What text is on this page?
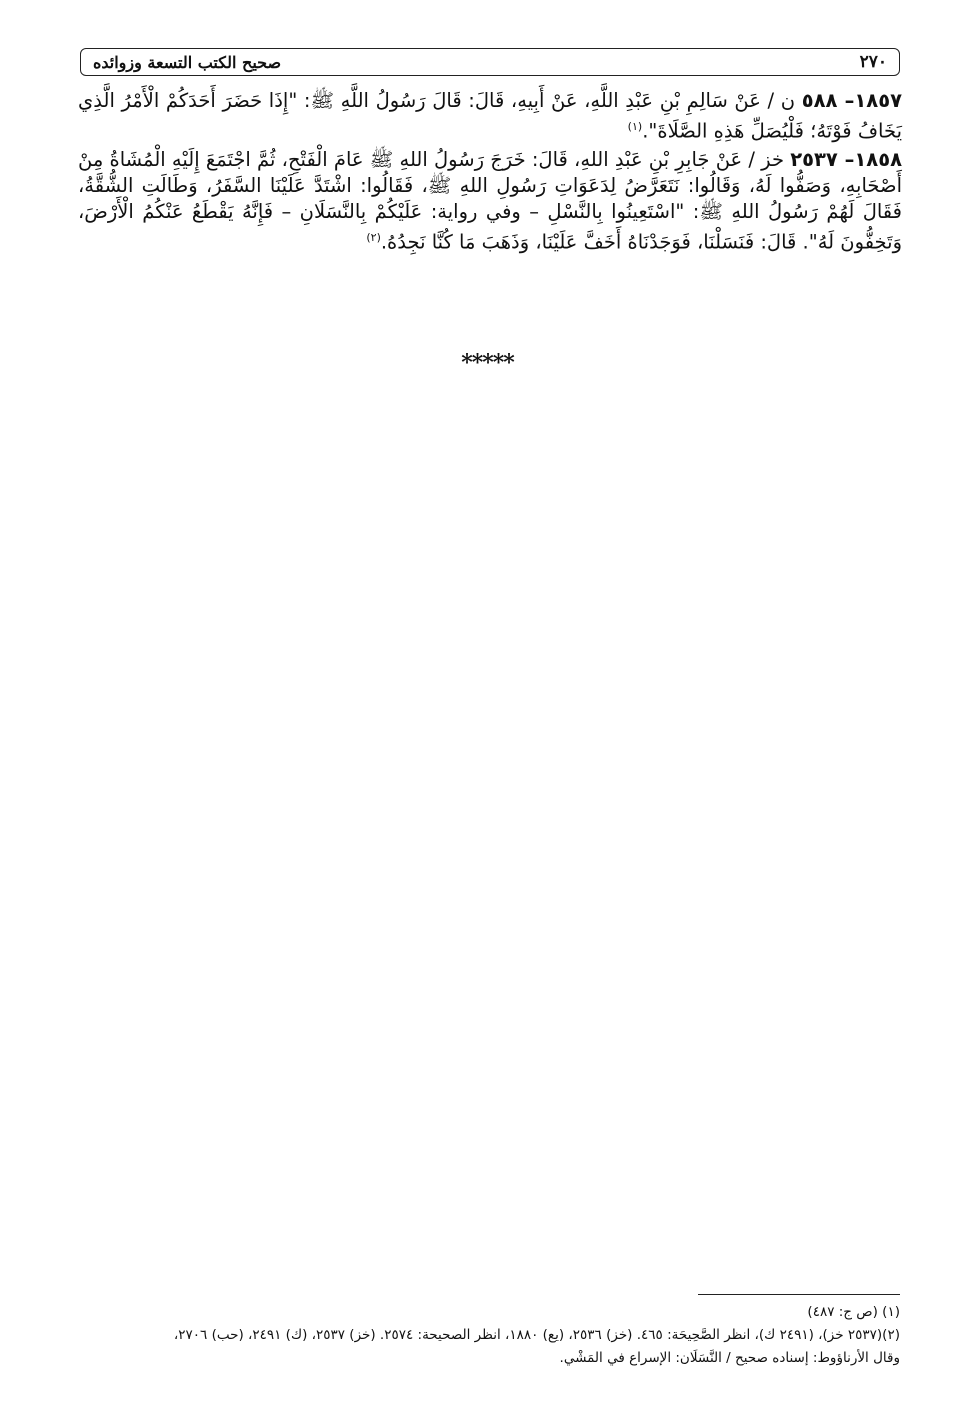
٢٧٠
صحيح الكتب التسعة وزوائده

١٨٥٧– ٥٨٨ ن / عَنْ سَالِمِ بْنِ عَبْدِ اللَّهِ، عَنْ أَبِيهِ، قَالَ: قَالَ رَسُولُ اللَّهِ ﷺ: "إِذَا حَضَرَ أَحَدَكُمْ الْأَمْرُ الَّذِي يَخَافُ فَوْتَهُ؛ فَلْيُصَلِّ هَذِهِ الصَّلَاةَ".$^{(١)}$

١٨٥٨– ٢٥٣٧ خز / عَنْ جَابِرِ بْنِ عَبْدِ اللهِ، قَالَ: خَرَجَ رَسُولُ اللهِ ﷺ عَامَ الْفَتْحِ، ثُمَّ اجْتَمَعَ إِلَيْهِ الْمُشَاةُ مِنْ أَصْحَابِهِ، وَصَفُّوا لَهُ، وَقَالُوا: نَتَعَرَّضُ لِدَعَوَاتِ رَسُولِ اللهِ ﷺ، فَقَالُوا: اشْتَدَّ عَلَيْنَا السَّفَرُ، وَطَالَتِ الشُّقَّةُ، فَقَالَ لَهُمْ رَسُولُ اللهِ ﷺ: "اسْتَعِينُوا بِالنَّسْلِ – وفي رواية: عَلَيْكُمْ بِالنَّسَلَانِ – فَإِنَّهُ يَقْطَعُ عَنْكُمُ الْأَرْضَ، وَتَخِفُّونَ لَهُ". قَالَ: فَنَسَلْنَا، فَوَجَدْنَاهُ أَخَفَّ عَلَيْنَا، وَذَهَبَ مَا كُنَّا نَجِدُهُ.$^{(٢)}$

*****

(١) (ص ج: ٤٨٧)

(٢)(٢٥٣٧ خز)، (٢٤٩١ ك)، انظر الصَّحِيحَة: ٤٦٥. (خز) ٢٥٣٦، (يع) ١٨٨٠، انظر الصحيحة: ٢٥٧٤. (خز) ٢٥٣٧، (ك) ٢٤٩١، (حب) ٢٧٠٦،

وقال الأرناؤوط: إسناده صحيح / النَّسَلَان: الإسراع في المَشْي.
